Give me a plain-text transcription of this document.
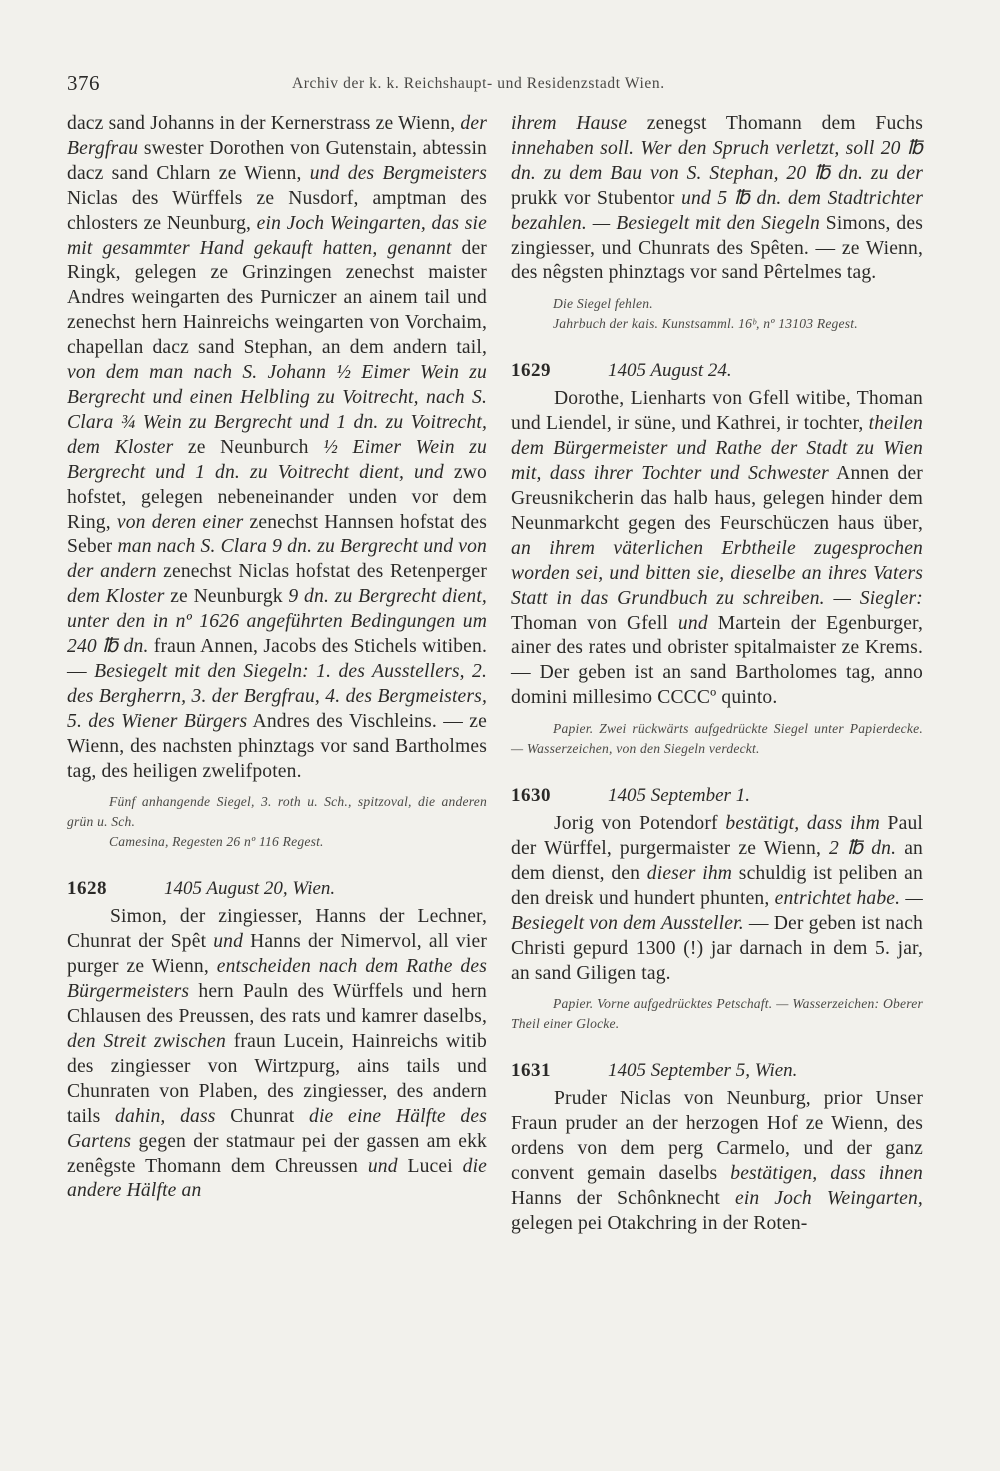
376	Archiv der k. k. Reichshaupt- und Residenzstadt Wien.

dacz sand Johanns in der Kernerstrass ze Wienn, der Bergfrau swester Dorothen von Gutenstain, abtessin dacz sand Chlarn ze Wienn, und des Bergmeisters Niclas des Würffels ze Nusdorf, amptman des chlosters ze Neunburg, ein Joch Weingarten, das sie mit gesammter Hand gekauft hatten, genannt der Ringk, gelegen ze Grinzingen zenechst maister Andres weingarten des Purniczer an ainem tail und zenechst hern Hainreichs weingarten von Vorchaim, chapellan dacz sand Stephan, an dem andern tail, von dem man nach S. Johann ½ Eimer Wein zu Bergrecht und einen Helbling zu Voitrecht, nach S. Clara ¾ Wein zu Bergrecht und 1 dn. zu Voitrecht, dem Kloster ze Neunburch ½ Eimer Wein zu Bergrecht und 1 dn. zu Voitrecht dient, und zwo hofstet, gelegen nebeneinander unden vor dem Ring, von deren einer zenechst Hannsen hofstat des Seber man nach S. Clara 9 dn. zu Bergrecht und von der andern zenechst Niclas hofstat des Retenperger dem Kloster ze Neunburgk 9 dn. zu Bergrecht dient, unter den in nº 1626 angeführten Bedingungen um 240 ℔ dn. fraun Annen, Jacobs des Stichels witiben. — Besiegelt mit den Siegeln: 1. des Ausstellers, 2. des Bergherrn, 3. der Bergfrau, 4. des Bergmeisters, 5. des Wiener Bürgers Andres des Vischleins. — ze Wienn, des nachsten phinztags vor sand Bartholmes tag, des heiligen zwelifpoten.

Fünf anhangende Siegel, 3. roth u. Sch., spitzoval, die anderen grün u. Sch.

Camesina, Regesten 26 nº 116 Regest.

1628	1405 August 20, Wien.

Simon, der zingiesser, Hanns der Lechner, Chunrat der Spêt und Hanns der Nimervol, all vier purger ze Wienn, entscheiden nach dem Rathe des Bürgermeisters hern Pauln des Würffels und hern Chlausen des Preussen, des rats und kamrer daselbs, den Streit zwischen fraun Lucein, Hainreichs witib des zingiesser von Wirtzpurg, ains tails und Chunraten von Plaben, des zingiesser, des andern tails dahin, dass Chunrat die eine Hälfte des Gartens gegen der statmaur pei der gassen am ekk zenêgste Thomann dem Chreussen und Lucei die andere Hälfte an

ihrem Hause zenegst Thomann dem Fuchs innehaben soll. Wer den Spruch verletzt, soll 20 ℔ dn. zu dem Bau von S. Stephan, 20 ℔ dn. zu der prukk vor Stubentor und 5 ℔ dn. dem Stadtrichter bezahlen. — Besiegelt mit den Siegeln Simons, des zingiesser, und Chunrats des Spêten. — ze Wienn, des nêgsten phinztags vor sand Pêrtelmes tag.

Die Siegel fehlen.

Jahrbuch der kais. Kunstsamml. 16ᵇ, nº 13103 Regest.

1629	1405 August 24.

Dorothe, Lienharts von Gfell witibe, Thoman und Liendel, ir süne, und Kathrei, ir tochter, theilen dem Bürgermeister und Rathe der Stadt zu Wien mit, dass ihrer Tochter und Schwester Annen der Greusnikcherin das halb haus, gelegen hinder dem Neunmarkcht gegen des Feurschüczen haus über, an ihrem väterlichen Erbtheile zugesprochen worden sei, und bitten sie, dieselbe an ihres Vaters Statt in das Grundbuch zu schreiben. — Siegler: Thoman von Gfell und Martein der Egenburger, ainer des rates und obrister spitalmaister ze Krems. — Der geben ist an sand Bartholomes tag, anno domini millesimo CCCCº quinto.

Papier. Zwei rückwärts aufgedrückte Siegel unter Papierdecke. — Wasserzeichen, von den Siegeln verdeckt.

1630	1405 September 1.

Jorig von Potendorf bestätigt, dass ihm Paul der Würffel, purgermaister ze Wienn, 2 ℔ dn. an dem dienst, den dieser ihm schuldig ist peliben an den dreisk und hundert phunten, entrichtet habe. — Besiegelt von dem Aussteller. — Der geben ist nach Christi gepurd 1300 (!) jar darnach in dem 5. jar, an sand Giligen tag.

Papier. Vorne aufgedrücktes Petschaft. — Wasserzeichen: Oberer Theil einer Glocke.

1631	1405 September 5, Wien.

Pruder Niclas von Neunburg, prior Unser Fraun pruder an der herzogen Hof ze Wienn, des ordens von dem perg Carmelo, und der ganz convent gemain daselbs bestätigen, dass ihnen Hanns der Schônknecht ein Joch Weingarten, gelegen pei Otakchring in der Roten-
